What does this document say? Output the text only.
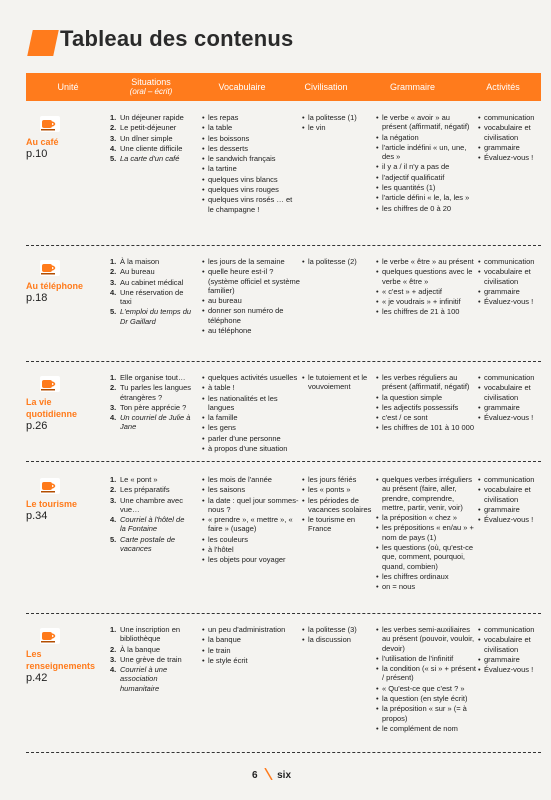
Tableau des contenus
Unité	Situations
(oral – écrit)	Vocabulaire	Civilisation	Grammaire	Activités
Au café
p.10
1. Un déjeuner rapide
2. Le petit-déjeuner
3. Un dîner simple
4. Une cliente difficile
5. La carte d'un café
• les repas
• la table
• les boissons
• les desserts
• le sandwich français
• la tartine
• quelques vins blancs
• quelques vins rouges
• quelques vins rosés … et le champagne !
• la politesse (1)
• le vin
• le verbe « avoir » au présent (affirmatif, négatif)
• la négation
• l'article indéfini « un, une, des »
• il y a / il n'y a pas de
• l'adjectif qualificatif
• les quantités (1)
• l'article défini « le, la, les »
• les chiffres de 0 à 20
• communication
• vocabulaire et civilisation
• grammaire
• Évaluez-vous !
Au téléphone
p.18
1. À la maison
2. Au bureau
3. Au cabinet médical
4. Une réservation de taxi
5. L'emploi du temps du Dr Gaillard
• les jours de la semaine
• quelle heure est-il ? (système officiel et système familier)
• au bureau
• donner son numéro de téléphone
• au téléphone
• la politesse (2)
•	le verbe « être » au présent
• quelques questions avec le verbe « être »
• « c'est » + adjectif
• « je voudrais » + infinitif
• les chiffres de 21 à 100
• communication
• vocabulaire et civilisation
• grammaire
• Évaluez-vous !
La vie quotidienne
p.26
1. Elle organise tout…
2. Tu parles les langues étrangères ?
3. Ton père apprécie ?
4. Un courriel de Julie à Jane
• quelques activités usuelles
• à table !
• les nationalités et les langues
• la famille
• les gens
• parler d'une personne
• à propos d'une situation
• le tutoiement et le vouvoiement
• les verbes réguliers au présent (affirmatif, négatif)
• la question simple
• les adjectifs possessifs
• c'est / ce sont
• les chiffres de 101 à 10 000
• communication
• vocabulaire et civilisation
• grammaire
• Évaluez-vous !
Le tourisme
p.34
1. Le « pont »
2. Les préparatifs
3. Une chambre avec vue…
4. Courriel à l'hôtel de la Fontaine
5. Carte postale de vacances
• les mois de l'année
• les saisons
• la date : quel jour sommes-nous ?
• « prendre », « mettre », « faire » (usage)
• les couleurs
• à l'hôtel
• les objets pour voyager
• les jours fériés
• les « ponts »
• les périodes de vacances scolaires
• le tourisme en France
• quelques verbes irréguliers au présent (faire, aller, prendre, comprendre, mettre, partir, venir, voir)
• la préposition « chez »
• les prépositions « en/au » + nom de pays (1)
• les questions (où, qu'est-ce que, comment, pourquoi, quand, combien)
• les chiffres ordinaux
• on = nous
• communication
• vocabulaire et civilisation
• grammaire
• Évaluez-vous !
Les renseignements
p.42
1. Une inscription en bibliothèque
2. À la banque
3. Une grève de train
4. Courriel à une association humanitaire
• un peu d'administration
• la banque
• le train
• le style écrit
• la politesse (3)
• la discussion
• les verbes semi-auxiliaires au présent (pouvoir, vouloir, devoir)
• l'utilisation de l'infinitif
• la condition (« si » + présent / présent)
• « Qu'est-ce que c'est ? »
• la question (en style écrit)
• la préposition « sur » (= à propos)
• le complément de nom
• communication
• vocabulaire et civilisation
• grammaire
• Évaluez-vous !
6 six
